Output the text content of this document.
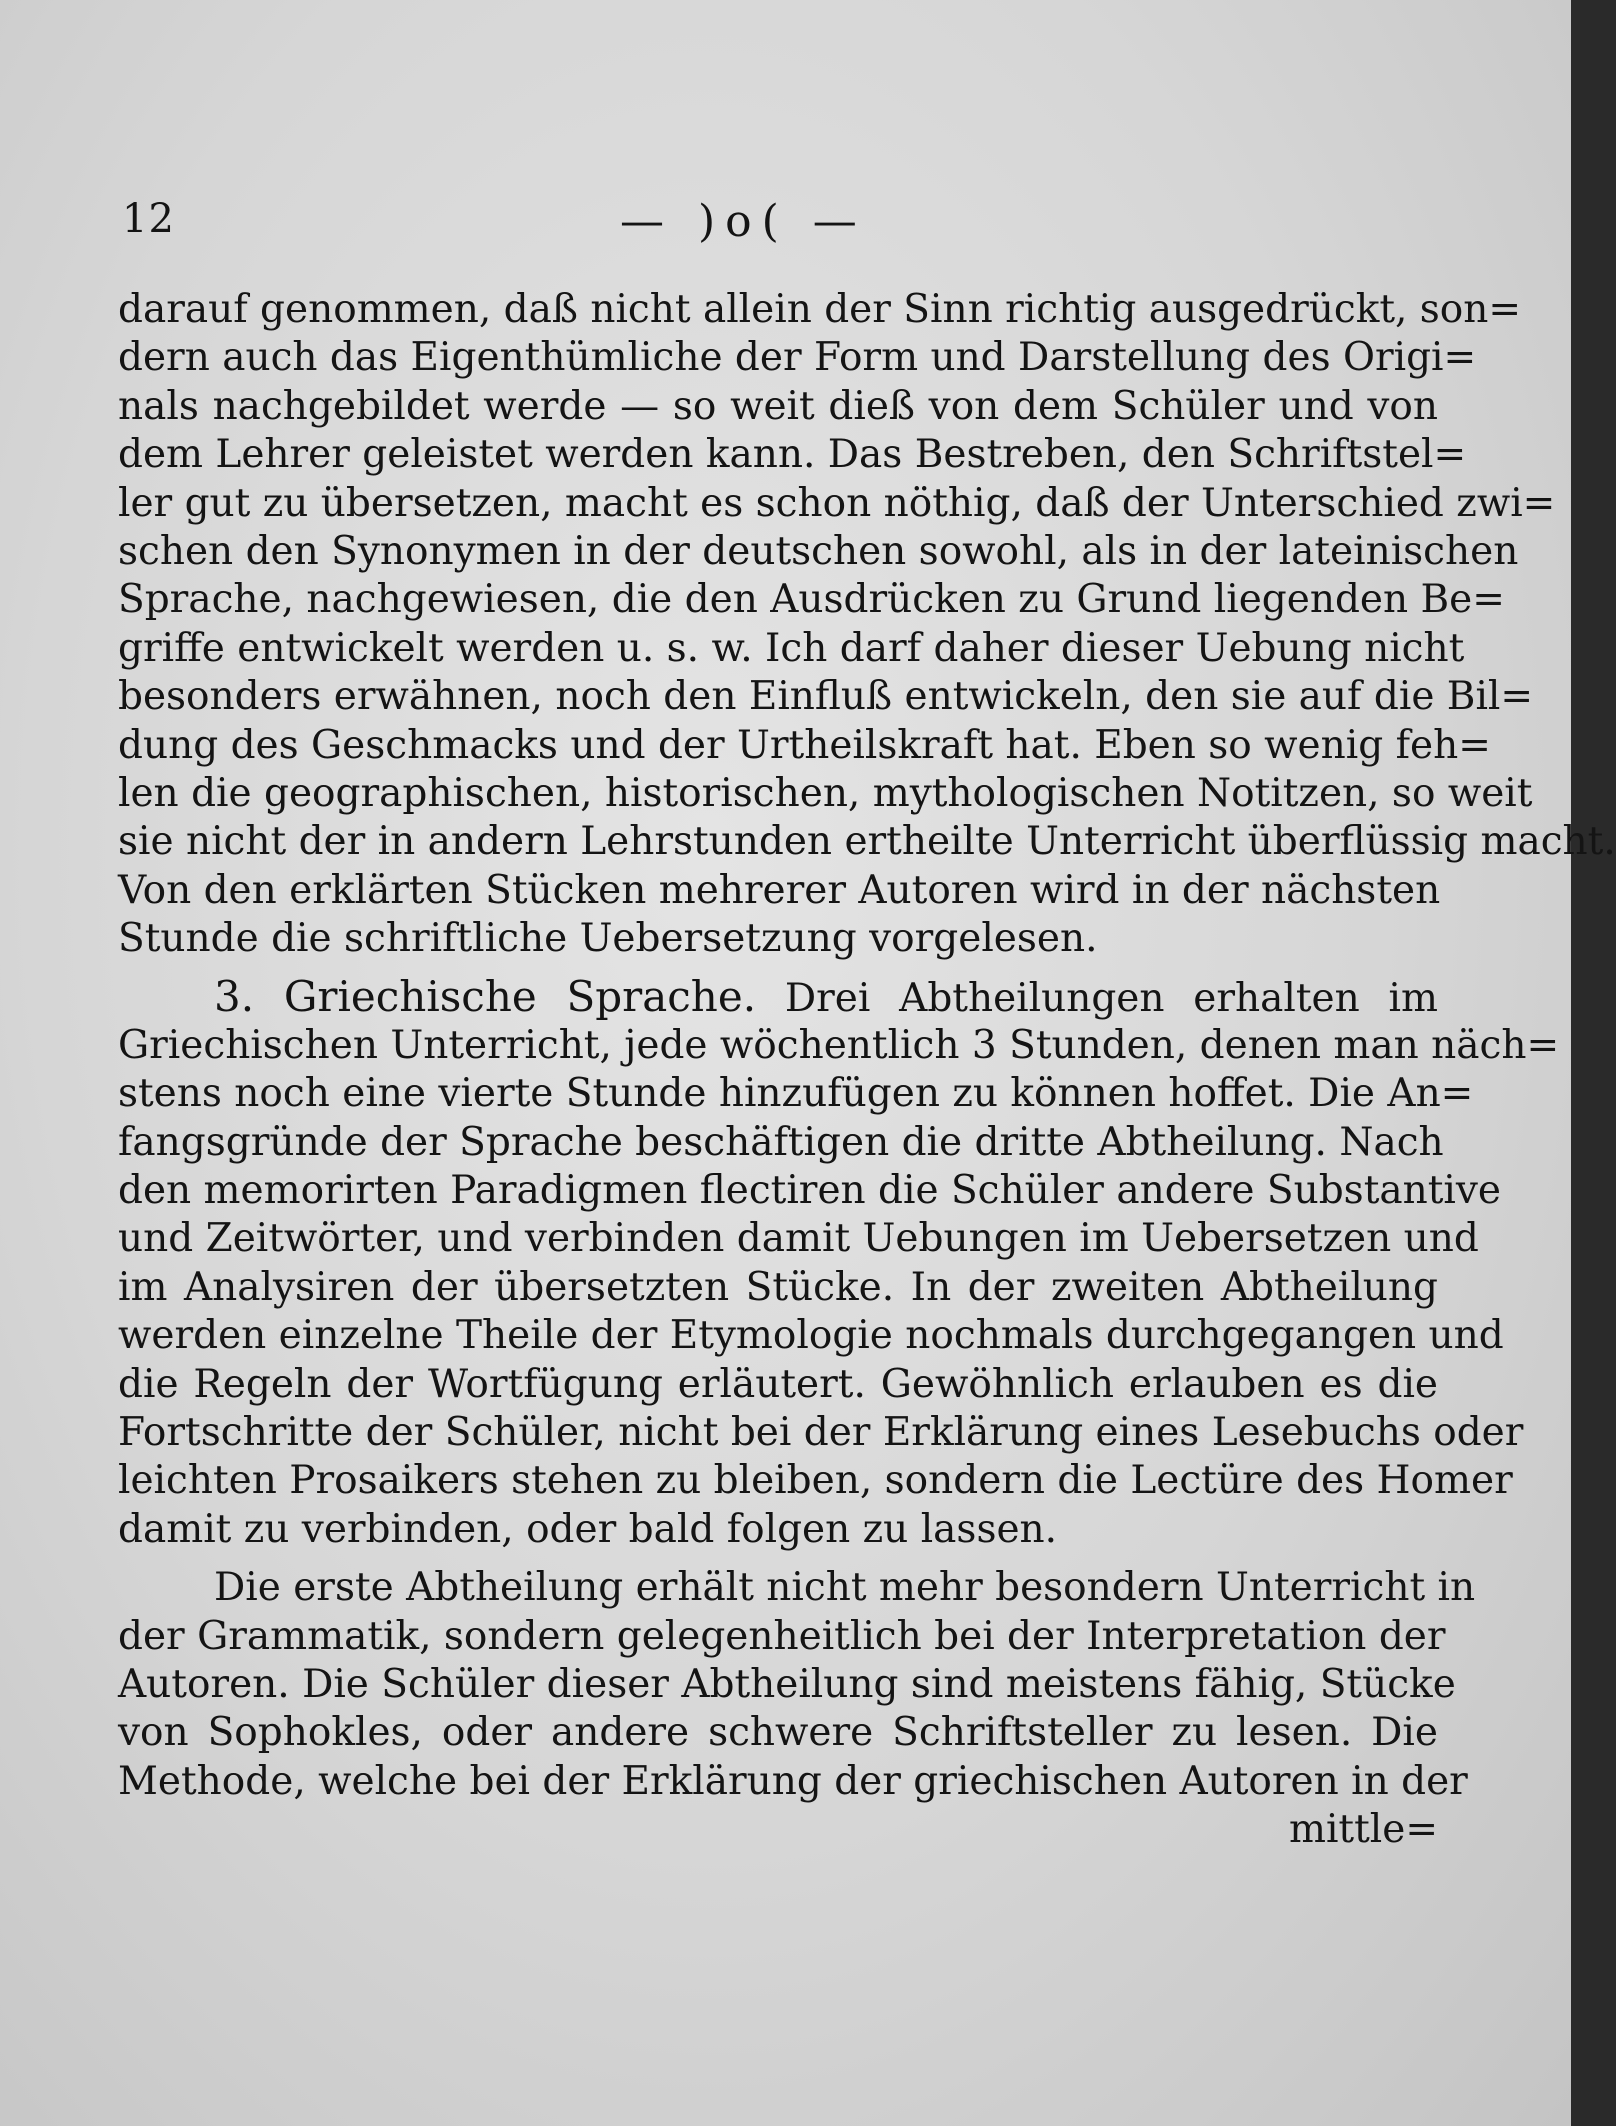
12	— )o( —
darauf genommen, daß nicht allein der Sinn richtig ausgedrückt, son=
dern auch das Eigenthümliche der Form und Darstellung des Origi=
nals nachgebildet werde — so weit dieß von dem Schüler und von
dem Lehrer geleistet werden kann. Das Bestreben, den Schriftstel=
ler gut zu übersetzen, macht es schon nöthig, daß der Unterschied zwi=
schen den Synonymen in der deutschen sowohl, als in der lateinischen
Sprache, nachgewiesen, die den Ausdrücken zu Grund liegenden Be=
griffe entwickelt werden u. s. w. Ich darf daher dieser Uebung nicht
besonders erwähnen, noch den Einfluß entwickeln, den sie auf die Bil=
dung des Geschmacks und der Urtheilskraft hat. Eben so wenig feh=
len die geographischen, historischen, mythologischen Notitzen, so weit
sie nicht der in andern Lehrstunden ertheilte Unterricht überflüssig macht.
Von den erklärten Stücken mehrerer Autoren wird in der nächsten
Stunde die schriftliche Uebersetzung vorgelesen.
3. Griechische Sprache. Drei Abtheilungen erhalten im
Griechischen Unterricht, jede wöchentlich 3 Stunden, denen man näch=
stens noch eine vierte Stunde hinzufügen zu können hoffet. Die An=
fangsgründe der Sprache beschäftigen die dritte Abtheilung. Nach
den memorirten Paradigmen flectiren die Schüler andere Substantive
und Zeitwörter, und verbinden damit Uebungen im Uebersetzen und
im Analysiren der übersetzten Stücke. In der zweiten Abtheilung
werden einzelne Theile der Etymologie nochmals durchgegangen und
die Regeln der Wortfügung erläutert. Gewöhnlich erlauben es die
Fortschritte der Schüler, nicht bei der Erklärung eines Lesebuchs oder
leichten Prosaikers stehen zu bleiben, sondern die Lectüre des Homer
damit zu verbinden, oder bald folgen zu lassen.
Die erste Abtheilung erhält nicht mehr besondern Unterricht in
der Grammatik, sondern gelegenheitlich bei der Interpretation der
Autoren. Die Schüler dieser Abtheilung sind meistens fähig, Stücke
von Sophokles, oder andere schwere Schriftsteller zu lesen. Die
Methode, welche bei der Erklärung der griechischen Autoren in der
mittle=
